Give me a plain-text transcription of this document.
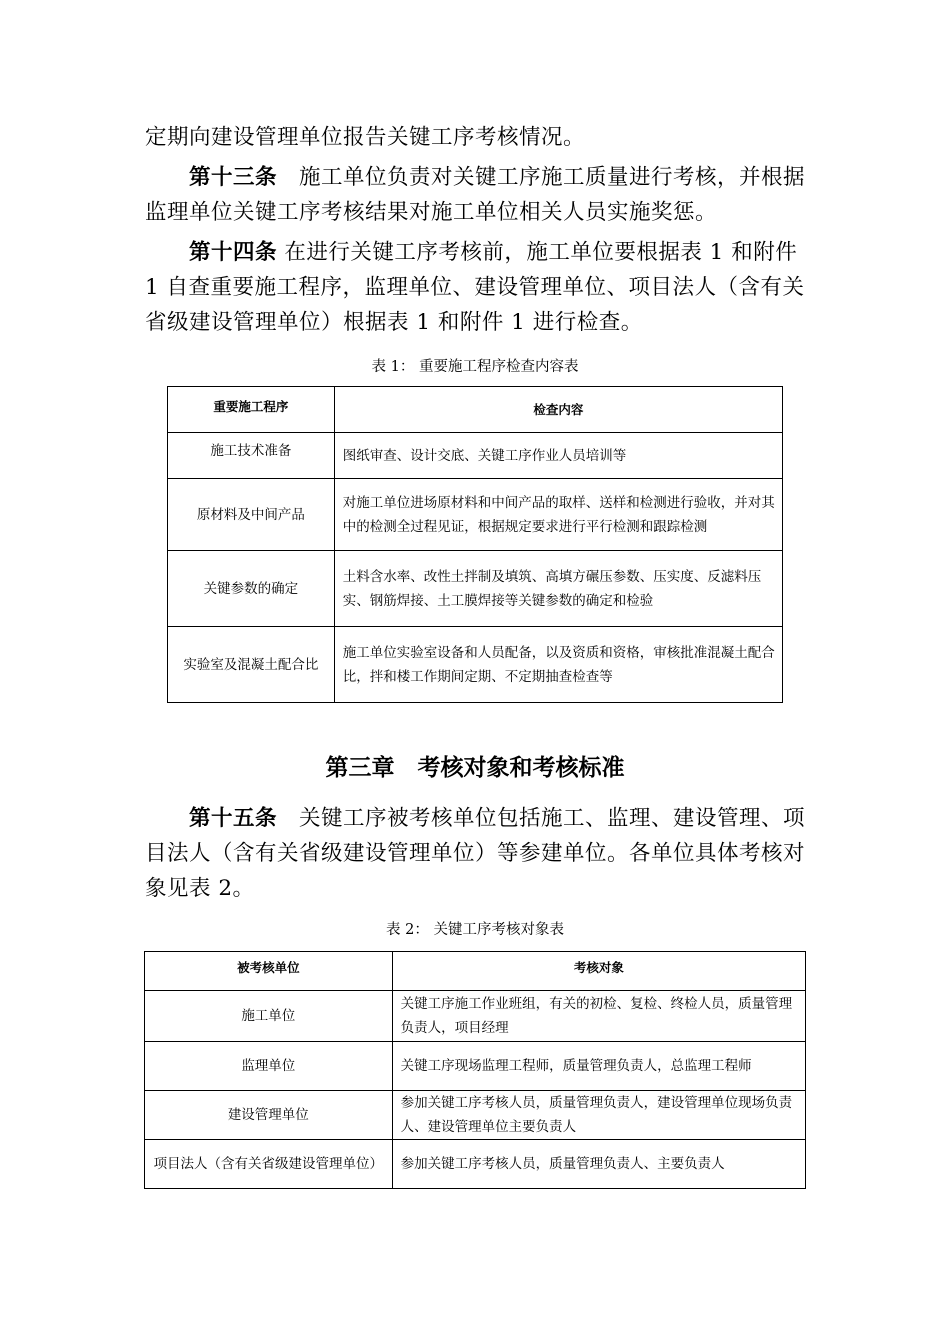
定期向建设管理单位报告关键工序考核情况。

第十三条　施工单位负责对关键工序施工质量进行考核，并根据监理单位关键工序考核结果对施工单位相关人员实施奖惩。

第十四条 在进行关键工序考核前，施工单位要根据表 1 和附件 1 自查重要施工程序，监理单位、建设管理单位、项目法人（含有关省级建设管理单位）根据表 1 和附件 1 进行检查。

表 1： 重要施工程序检查内容表
重要施工程序	检查内容
施工技术准备	图纸审查、设计交底、关键工序作业人员培训等
原材料及中间产品	对施工单位进场原材料和中间产品的取样、送样和检测进行验收，并对其中的检测全过程见证，根据规定要求进行平行检测和跟踪检测
关键参数的确定	土料含水率、改性土拌制及填筑、高填方碾压参数、压实度、反滤料压实、钢筋焊接、土工膜焊接等关键参数的确定和检验
实验室及混凝土配合比	施工单位实验室设备和人员配备，以及资质和资格，审核批准混凝土配合比，拌和楼工作期间定期、不定期抽查检查等
第三章　考核对象和考核标准

第十五条　关键工序被考核单位包括施工、监理、建设管理、项目法人（含有关省级建设管理单位）等参建单位。各单位具体考核对象见表 2。

表 2： 关键工序考核对象表
被考核单位	考核对象
施工单位	关键工序施工作业班组，有关的初检、复检、终检人员，质量管理负责人，项目经理
监理单位	关键工序现场监理工程师，质量管理负责人，总监理工程师
建设管理单位	参加关键工序考核人员，质量管理负责人，建设管理单位现场负责人、建设管理单位主要负责人
项目法人（含有关省级建设管理单位）	参加关键工序考核人员，质量管理负责人、主要负责人
